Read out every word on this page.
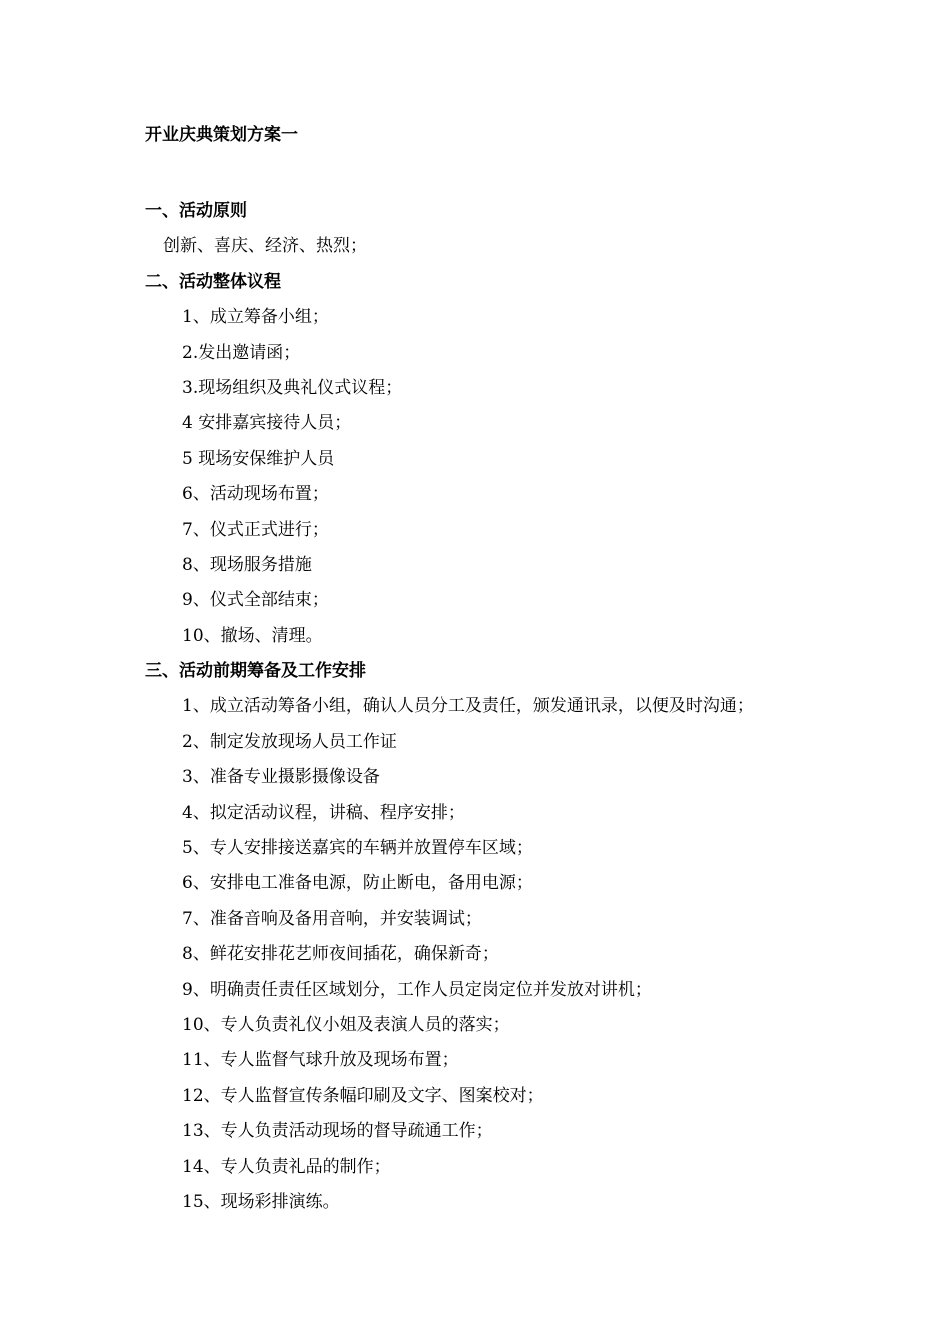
开业庆典策划方案一
一、活动原则
创新、喜庆、经济、热烈；
二、活动整体议程
1、成立筹备小组；
2.发出邀请函；
3.现场组织及典礼仪式议程；
4 安排嘉宾接待人员；
5 现场安保维护人员
6、活动现场布置；
7、仪式正式进行；
8、现场服务措施
9、仪式全部结束；
10、撤场、清理。
三、活动前期筹备及工作安排
1、成立活动筹备小组，确认人员分工及责任，颁发通讯录，以便及时沟通；
2、制定发放现场人员工作证
3、准备专业摄影摄像设备
4、拟定活动议程，讲稿、程序安排；
5、专人安排接送嘉宾的车辆并放置停车区域；
6、安排电工准备电源，防止断电，备用电源；
7、准备音响及备用音响，并安装调试；
8、鲜花安排花艺师夜间插花，确保新奇；
9、明确责任责任区域划分，工作人员定岗定位并发放对讲机；
10、专人负责礼仪小姐及表演人员的落实；
11、专人监督气球升放及现场布置；
12、专人监督宣传条幅印刷及文字、图案校对；
13、专人负责活动现场的督导疏通工作；
14、专人负责礼品的制作；
15、现场彩排演练。
